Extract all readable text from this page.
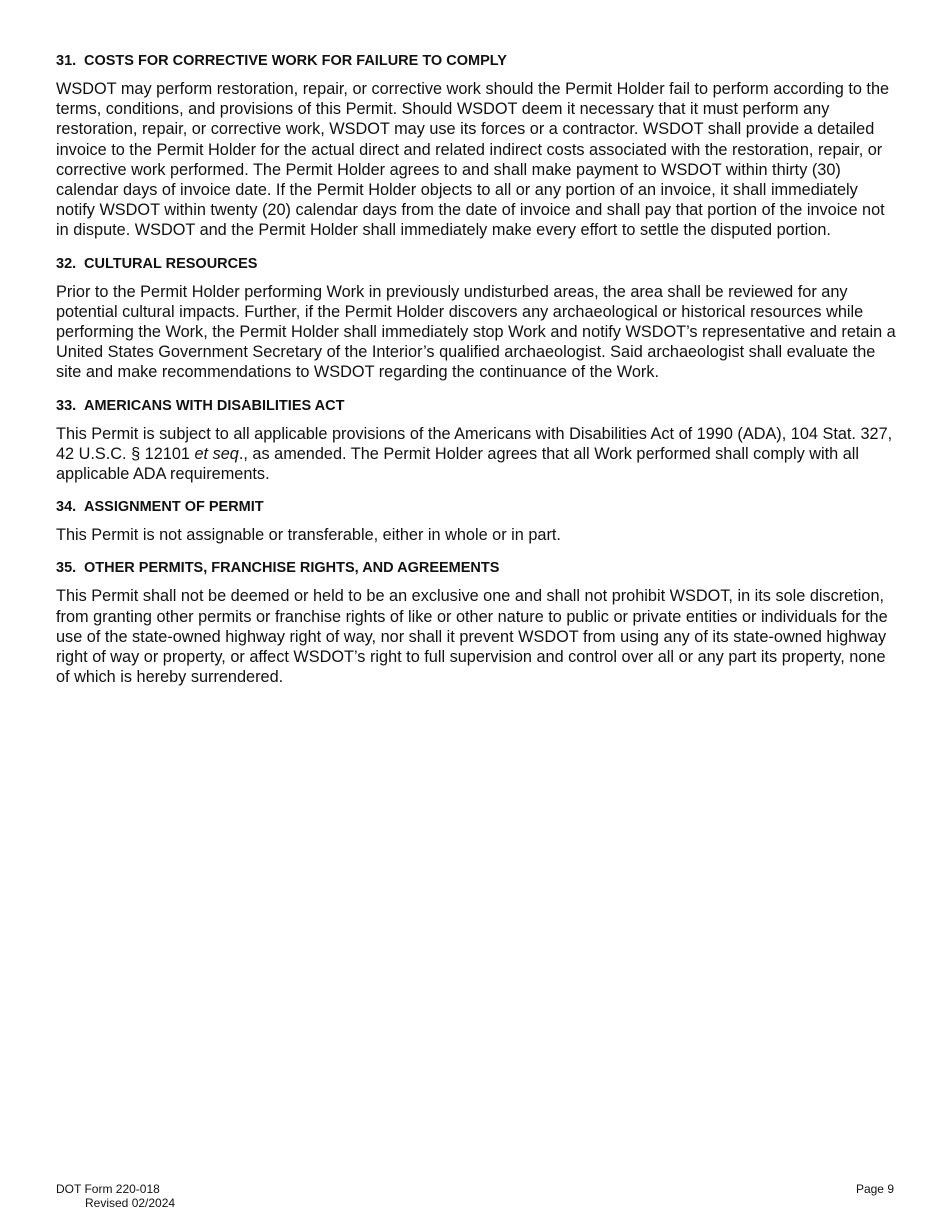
31. COSTS FOR CORRECTIVE WORK FOR FAILURE TO COMPLY

WSDOT may perform restoration, repair, or corrective work should the Permit Holder fail to perform according to the terms, conditions, and provisions of this Permit. Should WSDOT deem it necessary that it must perform any restoration, repair, or corrective work, WSDOT may use its forces or a contractor. WSDOT shall provide a detailed invoice to the Permit Holder for the actual direct and related indirect costs associated with the restoration, repair, or corrective work performed. The Permit Holder agrees to and shall make payment to WSDOT within thirty (30) calendar days of invoice date. If the Permit Holder objects to all or any portion of an invoice, it shall immediately notify WSDOT within twenty (20) calendar days from the date of invoice and shall pay that portion of the invoice not in dispute. WSDOT and the Permit Holder shall immediately make every effort to settle the disputed portion.

32. CULTURAL RESOURCES

Prior to the Permit Holder performing Work in previously undisturbed areas, the area shall be reviewed for any potential cultural impacts. Further, if the Permit Holder discovers any archaeological or historical resources while performing the Work, the Permit Holder shall immediately stop Work and notify WSDOT’s representative and retain a United States Government Secretary of the Interior’s qualified archaeologist. Said archaeologist shall evaluate the site and make recommendations to WSDOT regarding the continuance of the Work.

33. AMERICANS WITH DISABILITIES ACT

This Permit is subject to all applicable provisions of the Americans with Disabilities Act of 1990 (ADA), 104 Stat. 327, 42 U.S.C. § 12101 et seq., as amended. The Permit Holder agrees that all Work performed shall comply with all applicable ADA requirements.

34. ASSIGNMENT OF PERMIT

This Permit is not assignable or transferable, either in whole or in part.

35. OTHER PERMITS, FRANCHISE RIGHTS, AND AGREEMENTS

This Permit shall not be deemed or held to be an exclusive one and shall not prohibit WSDOT, in its sole discretion, from granting other permits or franchise rights of like or other nature to public or private entities or individuals for the use of the state-owned highway right of way, nor shall it prevent WSDOT from using any of its state-owned highway right of way or property, or affect WSDOT’s right to full supervision and control over all or any part its property, none of which is hereby surrendered.

DOT Form 220-018
Revised 02/2024
Page 9
